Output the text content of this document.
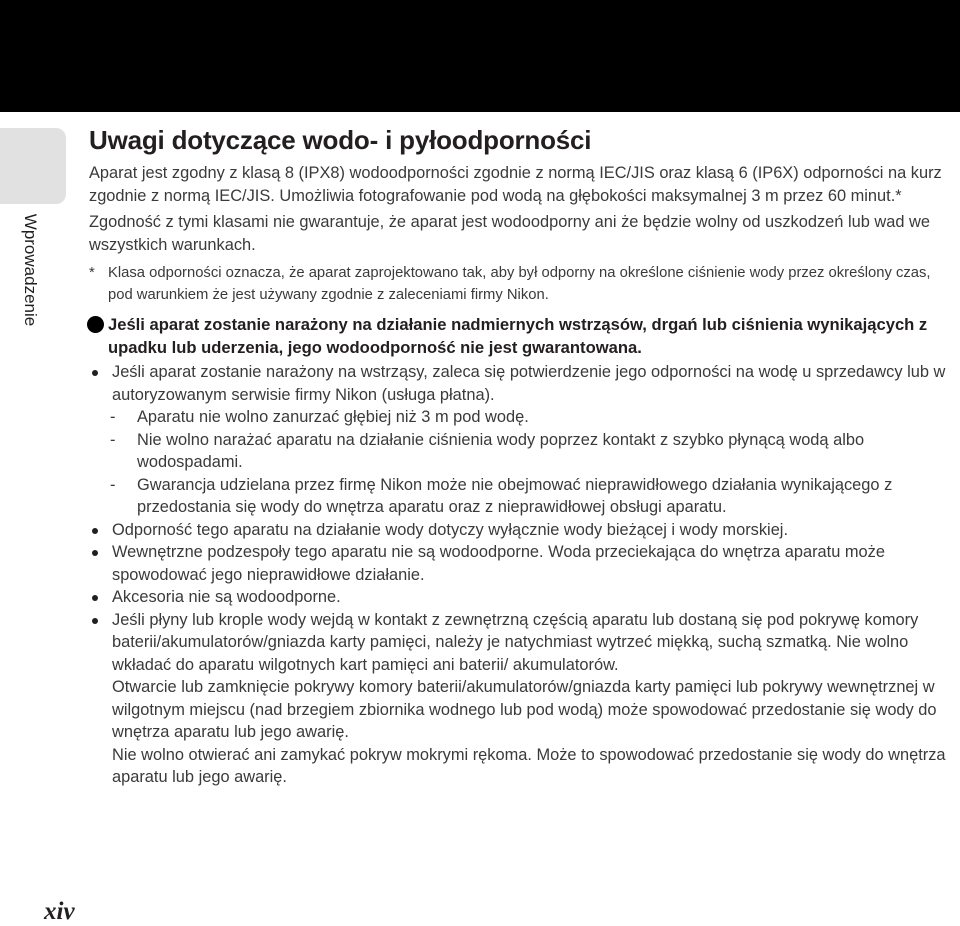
Wprowadzenie
xiv
Uwagi dotyczące wodo- i pyłoodporności

Aparat jest zgodny z klasą 8 (IPX8) wodoodporności zgodnie z normą IEC/JIS oraz klasą 6 (IP6X) odporności na kurz zgodnie z normą IEC/JIS. Umożliwia fotografowanie pod wodą na głębokości maksymalnej 3 m przez 60 minut.*

Zgodność z tymi klasami nie gwarantuje, że aparat jest wodoodporny ani że będzie wolny od uszkodzeń lub wad we wszystkich warunkach.

* Klasa odporności oznacza, że aparat zaprojektowano tak, aby był odporny na określone ciśnienie wody przez określony czas, pod warunkiem że jest używany zgodnie z zaleceniami firmy Nikon.

Jeśli aparat zostanie narażony na działanie nadmiernych wstrząsów, drgań lub ciśnienia wynikających z upadku lub uderzenia, jego wodoodporność nie jest gwarantowana.

Jeśli aparat zostanie narażony na wstrząsy, zaleca się potwierdzenie jego odporności na wodę u sprzedawcy lub w autoryzowanym serwisie firmy Nikon (usługa płatna).
- Aparatu nie wolno zanurzać głębiej niż 3 m pod wodę.
- Nie wolno narażać aparatu na działanie ciśnienia wody poprzez kontakt z szybko płynącą wodą albo wodospadami.
- Gwarancja udzielana przez firmę Nikon może nie obejmować nieprawidłowego działania wynikającego z przedostania się wody do wnętrza aparatu oraz z nieprawidłowej obsługi aparatu.
Odporność tego aparatu na działanie wody dotyczy wyłącznie wody bieżącej i wody morskiej.
Wewnętrzne podzespoły tego aparatu nie są wodoodporne. Woda przeciekająca do wnętrza aparatu może spowodować jego nieprawidłowe działanie.
Akcesoria nie są wodoodporne.
Jeśli płyny lub krople wody wejdą w kontakt z zewnętrzną częścią aparatu lub dostaną się pod pokrywę komory baterii/akumulatorów/gniazda karty pamięci, należy je natychmiast wytrzeć miękką, suchą szmatką. Nie wolno wkładać do aparatu wilgotnych kart pamięci ani baterii/ akumulatorów.

Otwarcie lub zamknięcie pokrywy komory baterii/akumulatorów/gniazda karty pamięci lub pokrywy wewnętrznej w wilgotnym miejscu (nad brzegiem zbiornika wodnego lub pod wodą) może spowodować przedostanie się wody do wnętrza aparatu lub jego awarię.

Nie wolno otwierać ani zamykać pokryw mokrymi rękoma. Może to spowodować przedostanie się wody do wnętrza aparatu lub jego awarię.
